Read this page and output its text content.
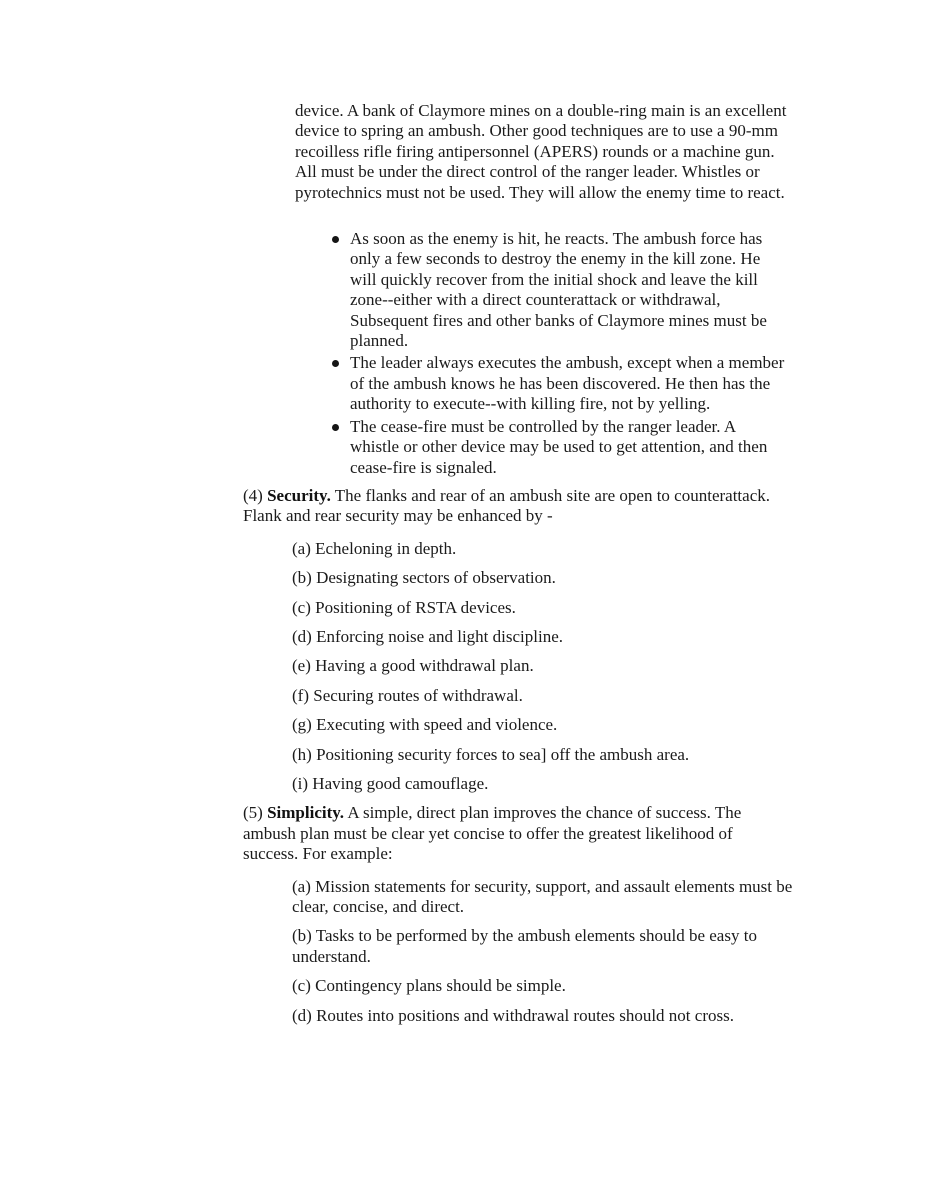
device. A bank of Claymore mines on a double-ring main is an excellent device to spring an ambush. Other good techniques are to use a 90-mm recoilless rifle firing antipersonnel (APERS) rounds or a machine gun. All must be under the direct control of the ranger leader. Whistles or pyrotechnics must not be used. They will allow the enemy time to react.

As soon as the enemy is hit, he reacts. The ambush force has only a few seconds to destroy the enemy in the kill zone. He will quickly recover from the initial shock and leave the kill zone--either with a direct counterattack or withdrawal, Subsequent fires and other banks of Claymore mines must be planned.
The leader always executes the ambush, except when a member of the ambush knows he has been discovered. He then has the authority to execute--with killing fire, not by yelling.
The cease-fire must be controlled by the ranger leader. A whistle or other device may be used to get attention, and then cease-fire is signaled.

(4) Security. The flanks and rear of an ambush site are open to counterattack. Flank and rear security may be enhanced by -

(a) Echeloning in depth.

(b) Designating sectors of observation.

(c) Positioning of RSTA devices.

(d) Enforcing noise and light discipline.

(e) Having a good withdrawal plan.

(f) Securing routes of withdrawal.

(g) Executing with speed and violence.

(h) Positioning security forces to sea] off the ambush area.

(i) Having good camouflage.

(5) Simplicity. A simple, direct plan improves the chance of success. The ambush plan must be clear yet concise to offer the greatest likelihood of success. For example:

(a) Mission statements for security, support, and assault elements must be clear, concise, and direct.

(b) Tasks to be performed by the ambush elements should be easy to understand.

(c) Contingency plans should be simple.

(d) Routes into positions and withdrawal routes should not cross.
